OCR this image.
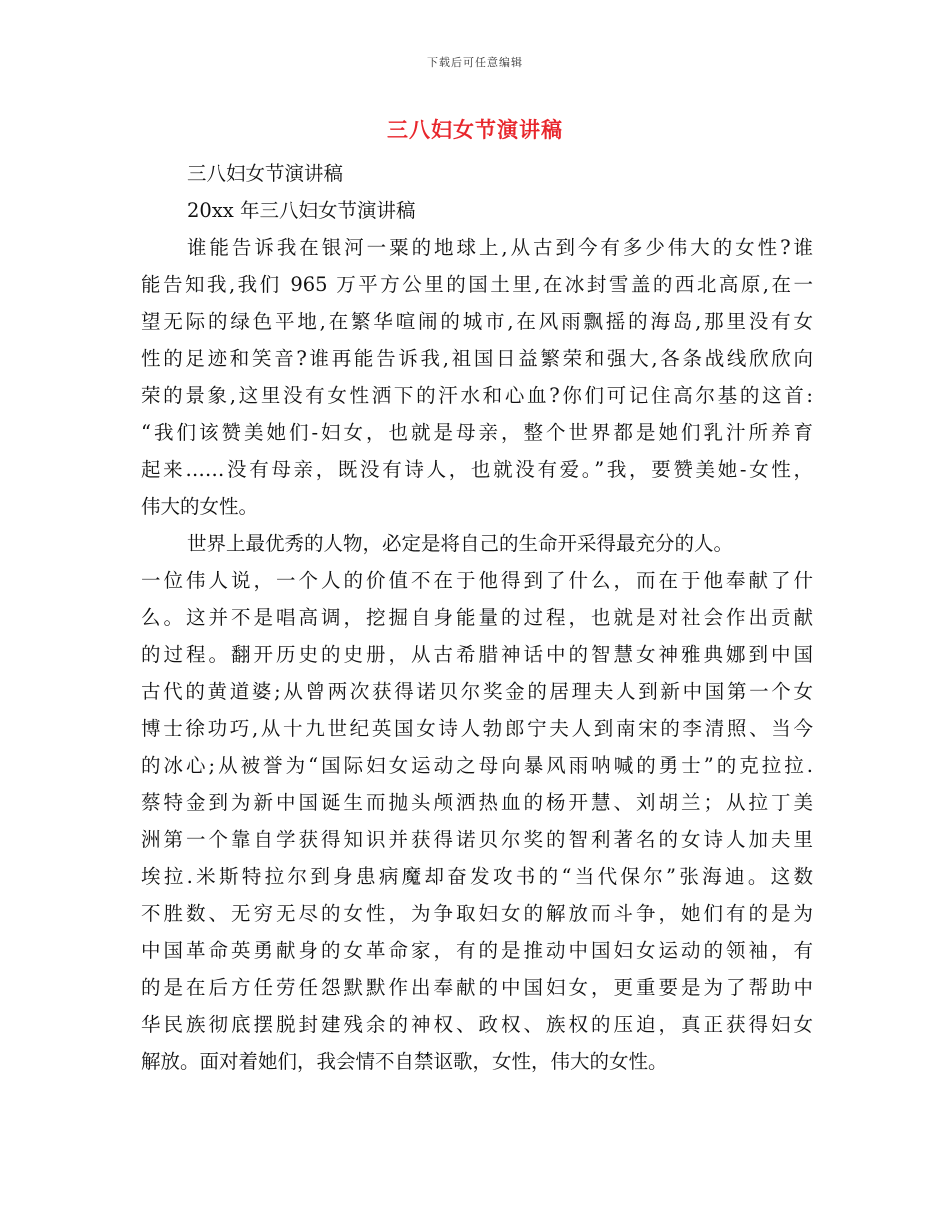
下载后可任意编辑
三八妇女节演讲稿
三八妇女节演讲稿
20xx 年三八妇女节演讲稿
谁能告诉我在银河一粟的地球上,从古到今有多少伟大的女性?谁
能告知我,我们 965 万平方公里的国土里,在冰封雪盖的西北高原,在一
望无际的绿色平地,在繁华喧闹的城市,在风雨飘摇的海岛,那里没有女
性的足迹和笑音?谁再能告诉我,祖国日益繁荣和强大,各条战线欣欣向
荣的景象,这里没有女性洒下的汗水和心血?你们可记住高尔基的这首:
“我们该赞美她们-妇女，也就是母亲，整个世界都是她们乳汁所养育
起来……没有母亲，既没有诗人，也就没有爱。”我，要赞美她-女性，
伟大的女性。
世界上最优秀的人物，必定是将自己的生命开采得最充分的人。
一位伟人说，一个人的价值不在于他得到了什么，而在于他奉献了什
么。这并不是唱高调，挖掘自身能量的过程，也就是对社会作出贡献
的过程。翻开历史的史册，从古希腊神话中的智慧女神雅典娜到中国
古代的黄道婆;从曾两次获得诺贝尔奖金的居理夫人到新中国第一个女
博士徐功巧,从十九世纪英国女诗人勃郎宁夫人到南宋的李清照、当今
的冰心;从被誉为“国际妇女运动之母向暴风雨呐喊的勇士”的克拉拉.
蔡特金到为新中国诞生而抛头颅洒热血的杨开慧、刘胡兰；从拉丁美
洲第一个靠自学获得知识并获得诺贝尔奖的智利著名的女诗人加夫里
埃拉.米斯特拉尔到身患病魔却奋发攻书的“当代保尔”张海迪。这数
不胜数、无穷无尽的女性，为争取妇女的解放而斗争，她们有的是为
中国革命英勇献身的女革命家，有的是推动中国妇女运动的领袖，有
的是在后方任劳任怨默默作出奉献的中国妇女，更重要是为了帮助中
华民族彻底摆脱封建残余的神权、政权、族权的压迫，真正获得妇女
解放。面对着她们，我会情不自禁讴歌，女性，伟大的女性。
